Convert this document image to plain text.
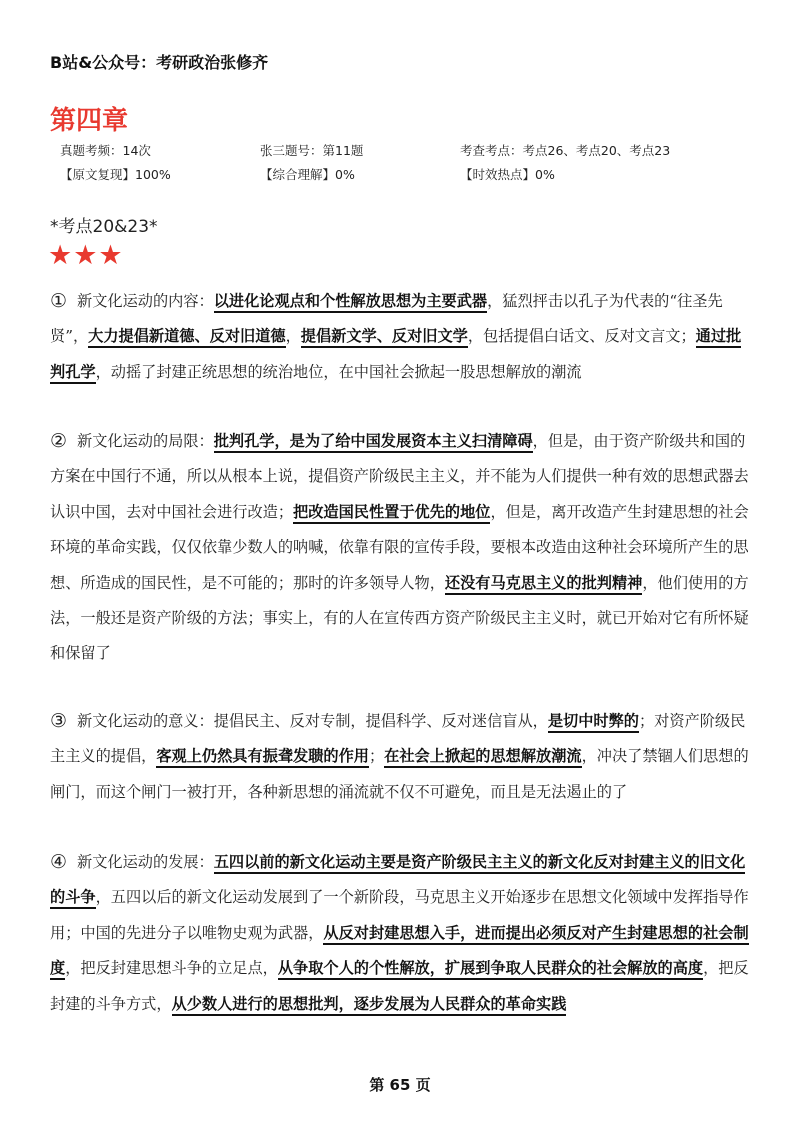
B站&公众号：考研政治张修齐
第四章
真题考频：14次	张三题号：第11题	考查考点：考点26、考点20、考点23
【原文复现】100%	【综合理解】0%	【时效热点】0%
*考点20&23*
★★★
① 新文化运动的内容：以进化论观点和个性解放思想为主要武器，猛烈抨击以孔子为代表的“往圣先贤”，大力提倡新道德、反对旧道德，提倡新文学、反对旧文学，包括提倡白话文、反对文言文；通过批判孔学，动摇了封建正统思想的统治地位，在中国社会掀起一股思想解放的潮流

② 新文化运动的局限：批判孔学，是为了给中国发展资本主义扫清障碍，但是，由于资产阶级共和国的方案在中国行不通，所以从根本上说，提倡资产阶级民主主义，并不能为人们提供一种有效的思想武器去认识中国，去对中国社会进行改造；把改造国民性置于优先的地位，但是，离开改造产生封建思想的社会环境的革命实践，仅仅依靠少数人的呐喊，依靠有限的宣传手段，要根本改造由这种社会环境所产生的思想、所造成的国民性，是不可能的；那时的许多领导人物，还没有马克思主义的批判精神，他们使用的方法，一般还是资产阶级的方法；事实上，有的人在宣传西方资产阶级民主主义时，就已开始对它有所怀疑和保留了

③ 新文化运动的意义：提倡民主、反对专制，提倡科学、反对迷信盲从，是切中时弊的；对资产阶级民主主义的提倡，客观上仍然具有振聋发聩的作用；在社会上掀起的思想解放潮流，冲决了禁锢人们思想的闸门，而这个闸门一被打开，各种新思想的涌流就不仅不可避免，而且是无法遏止的了

④ 新文化运动的发展：五四以前的新文化运动主要是资产阶级民主主义的新文化反对封建主义的旧文化的斗争，五四以后的新文化运动发展到了一个新阶段，马克思主义开始逐步在思想文化领域中发挥指导作用；中国的先进分子以唯物史观为武器，从反对封建思想入手，进而提出必须反对产生封建思想的社会制度，把反封建思想斗争的立足点，从争取个人的个性解放，扩展到争取人民群众的社会解放的高度，把反封建的斗争方式，从少数人进行的思想批判，逐步发展为人民群众的革命实践

第 65 页
